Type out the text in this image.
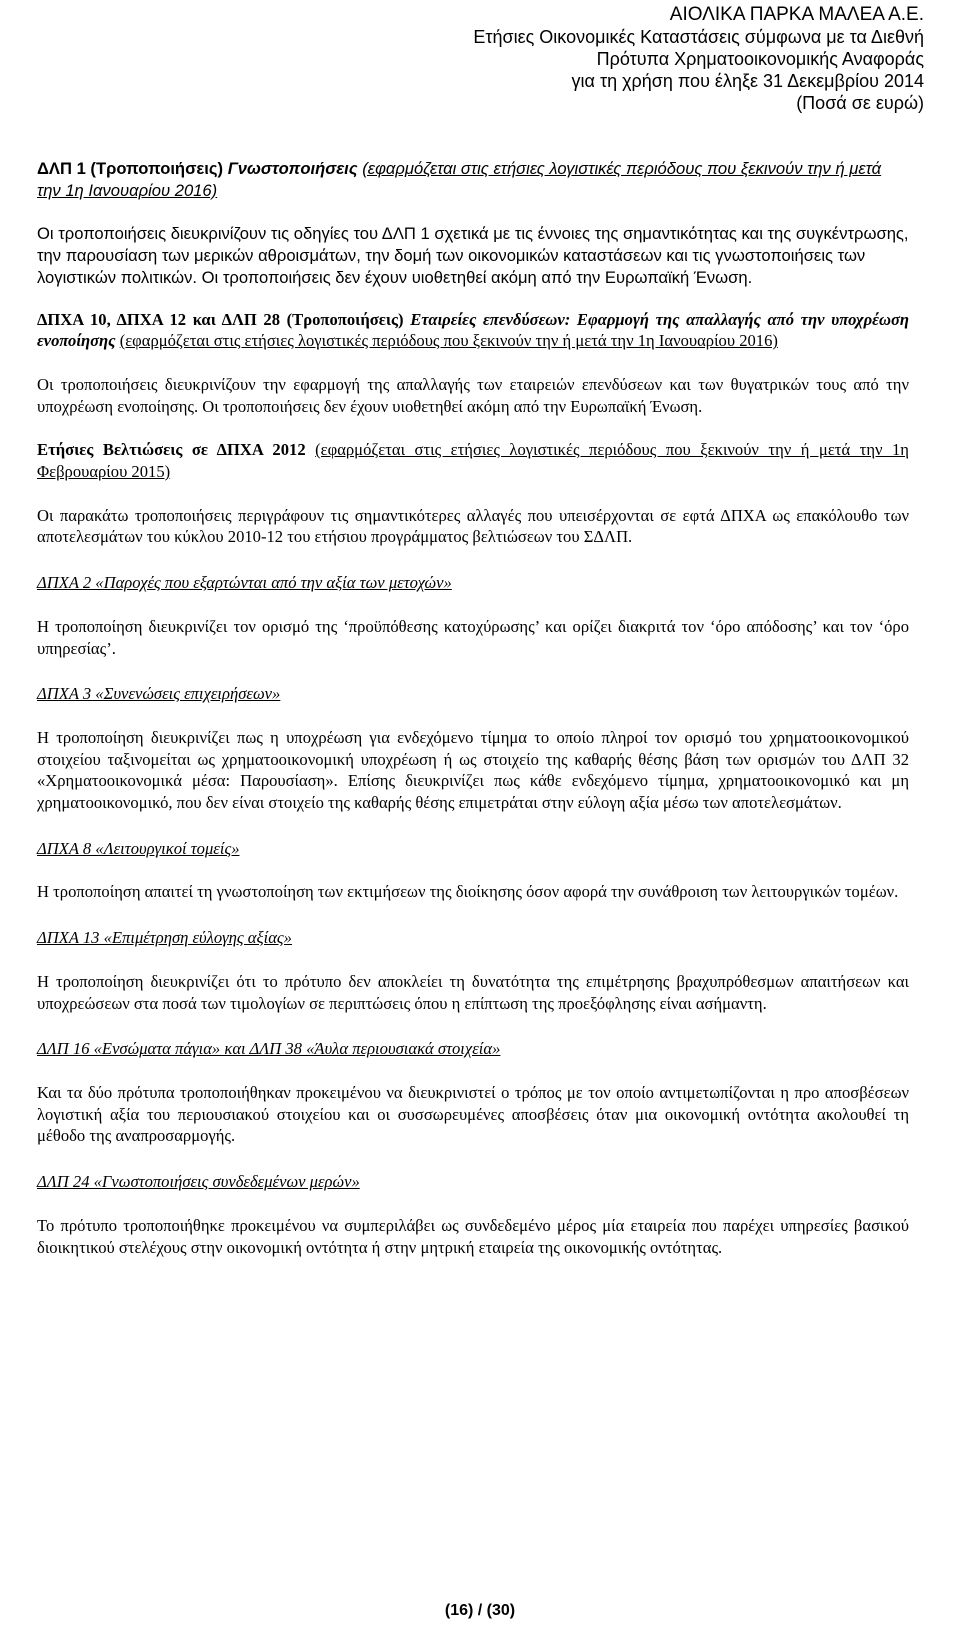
ΑΙΟΛΙΚΑ ΠΑΡΚΑ ΜΑΛΕΑ Α.Ε.
Ετήσιες Οικονομικές Καταστάσεις σύμφωνα με τα Διεθνή
Πρότυπα Χρηματοοικονομικής Αναφοράς
για τη χρήση που έληξε 31 Δεκεμβρίου 2014
(Ποσά σε ευρώ)

ΔΛΠ 1 (Τροποποιήσεις) Γνωστοποιήσεις (εφαρμόζεται στις ετήσιες λογιστικές περιόδους που ξεκινούν την ή μετά την 1η Ιανουαρίου 2016)

Οι τροποποιήσεις διευκρινίζουν τις οδηγίες του ΔΛΠ 1 σχετικά με τις έννοιες της σημαντικότητας και της συγκέντρωσης, την παρουσίαση των μερικών αθροισμάτων, την δομή των οικονομικών καταστάσεων και τις γνωστοποιήσεις των λογιστικών πολιτικών. Οι τροποποιήσεις δεν έχουν υιοθετηθεί ακόμη από την Ευρωπαϊκή Ένωση.

ΔΠΧΑ 10, ΔΠΧΑ 12 και ΔΛΠ 28 (Τροποποιήσεις) Εταιρείες επενδύσεων: Εφαρμογή της απαλλαγής από την υποχρέωση ενοποίησης (εφαρμόζεται στις ετήσιες λογιστικές περιόδους που ξεκινούν την ή μετά την 1η Ιανουαρίου 2016)

Οι τροποποιήσεις διευκρινίζουν την εφαρμογή της απαλλαγής των εταιρειών επενδύσεων και των θυγατρικών τους από την υποχρέωση ενοποίησης. Οι τροποποιήσεις δεν έχουν υιοθετηθεί ακόμη από την Ευρωπαϊκή Ένωση.

Ετήσιες Βελτιώσεις σε ΔΠΧΑ 2012 (εφαρμόζεται στις ετήσιες λογιστικές περιόδους που ξεκινούν την ή μετά την 1η Φεβρουαρίου 2015)

Οι παρακάτω τροποποιήσεις περιγράφουν τις σημαντικότερες αλλαγές που υπεισέρχονται σε εφτά ΔΠΧΑ ως επακόλουθο των αποτελεσμάτων του κύκλου 2010-12 του ετήσιου προγράμματος βελτιώσεων του ΣΔΛΠ.

ΔΠΧΑ 2 «Παροχές που εξαρτώνται από την αξία των μετοχών»

Η τροποποίηση διευκρινίζει τον ορισμό της ‘προϋπόθεσης κατοχύρωσης’ και ορίζει διακριτά τον ‘όρο απόδοσης’ και τον ‘όρο υπηρεσίας’.

ΔΠΧΑ 3 «Συνενώσεις επιχειρήσεων»

Η τροποποίηση διευκρινίζει πως η υποχρέωση για ενδεχόμενο τίμημα το οποίο πληροί τον ορισμό του χρηματοοικονομικού στοιχείου ταξινομείται ως χρηματοοικονομική υποχρέωση ή ως στοιχείο της καθαρής θέσης βάση των ορισμών του ΔΛΠ 32 «Χρηματοοικονομικά μέσα: Παρουσίαση». Επίσης διευκρινίζει πως κάθε ενδεχόμενο τίμημα, χρηματοοικονομικό και μη χρηματοοικονομικό, που δεν είναι στοιχείο της καθαρής θέσης επιμετράται στην εύλογη αξία μέσω των αποτελεσμάτων.

ΔΠΧΑ 8 «Λειτουργικοί τομείς»

Η τροποποίηση απαιτεί τη γνωστοποίηση των εκτιμήσεων της διοίκησης όσον αφορά την συνάθροιση των λειτουργικών τομέων.

ΔΠΧΑ 13 «Επιμέτρηση εύλογης αξίας»

Η τροποποίηση διευκρινίζει ότι το πρότυπο δεν αποκλείει τη δυνατότητα της επιμέτρησης βραχυπρόθεσμων απαιτήσεων και υποχρεώσεων στα ποσά των τιμολογίων σε περιπτώσεις όπου η επίπτωση της προεξόφλησης είναι ασήμαντη.

ΔΛΠ 16 «Ενσώματα πάγια» και ΔΛΠ 38 «Άυλα περιουσιακά στοιχεία»

Και τα δύο πρότυπα τροποποιήθηκαν προκειμένου να διευκρινιστεί ο τρόπος με τον οποίο αντιμετωπίζονται η προ αποσβέσεων λογιστική αξία του περιουσιακού στοιχείου και οι συσσωρευμένες αποσβέσεις όταν μια οικονομική οντότητα ακολουθεί τη μέθοδο της αναπροσαρμογής.

ΔΛΠ 24 «Γνωστοποιήσεις συνδεδεμένων μερών»

Το πρότυπο τροποποιήθηκε προκειμένου να συμπεριλάβει ως συνδεδεμένο μέρος μία εταιρεία που παρέχει υπηρεσίες βασικού διοικητικού στελέχους στην οικονομική οντότητα ή στην μητρική εταιρεία της οικονομικής οντότητας.

(16) / (30)
